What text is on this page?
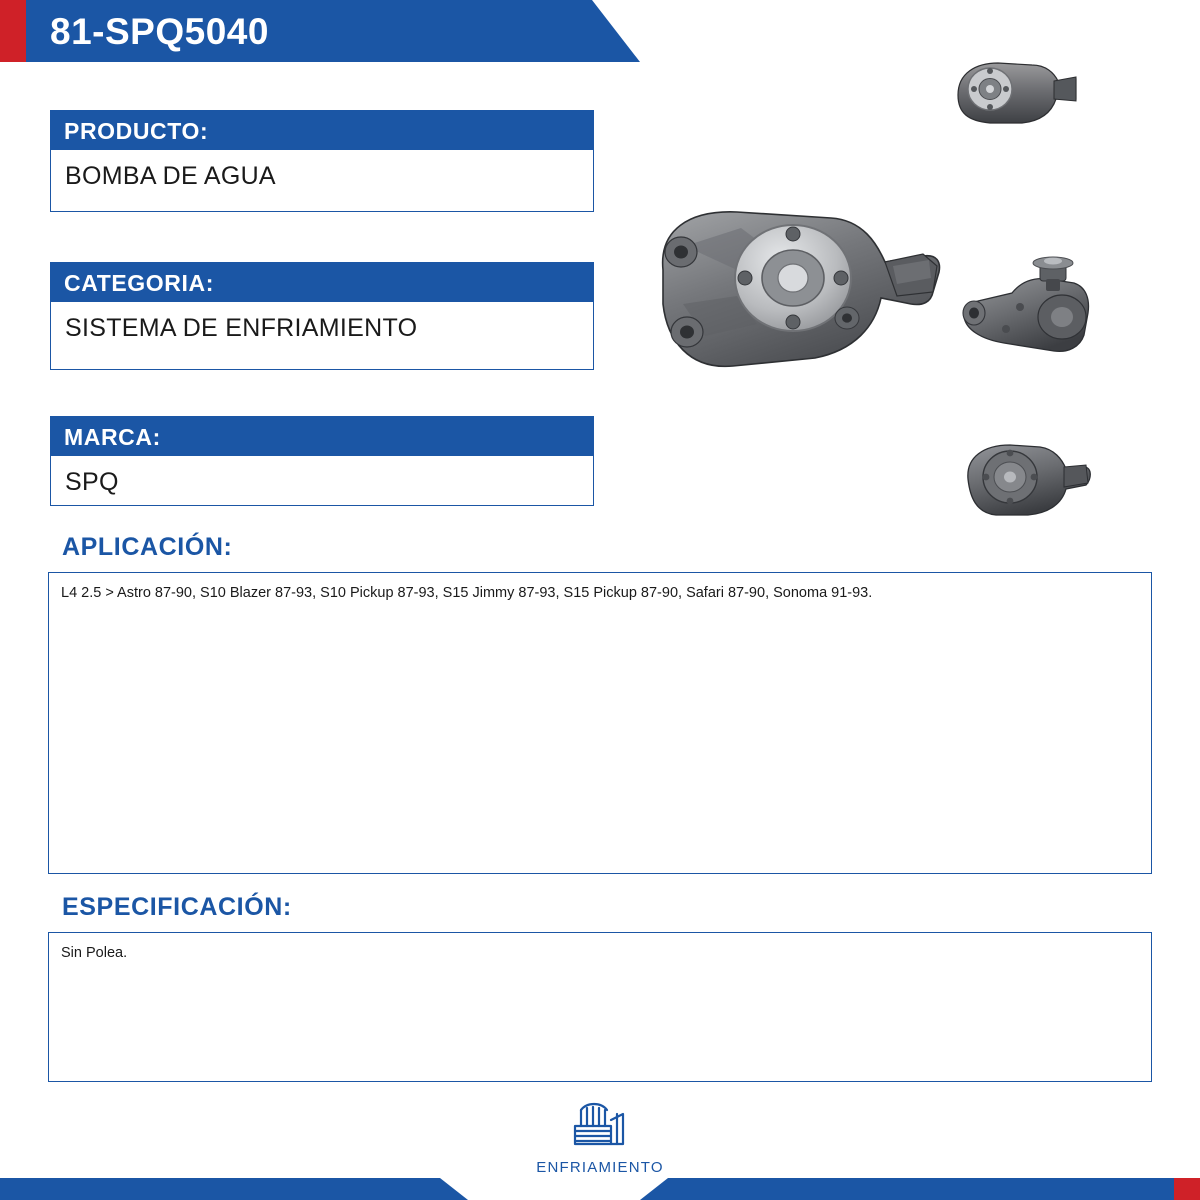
81-SPQ5040
PRODUCTO:
BOMBA DE AGUA
CATEGORIA:
SISTEMA DE ENFRIAMIENTO
MARCA:
SPQ
APLICACIÓN:
L4 2.5 > Astro 87-90, S10 Blazer 87-93, S10 Pickup 87-93, S15 Jimmy 87-93, S15 Pickup 87-90, Safari 87-90, Sonoma 91-93.
ESPECIFICACIÓN:
Sin Polea.
ENFRIAMIENTO
